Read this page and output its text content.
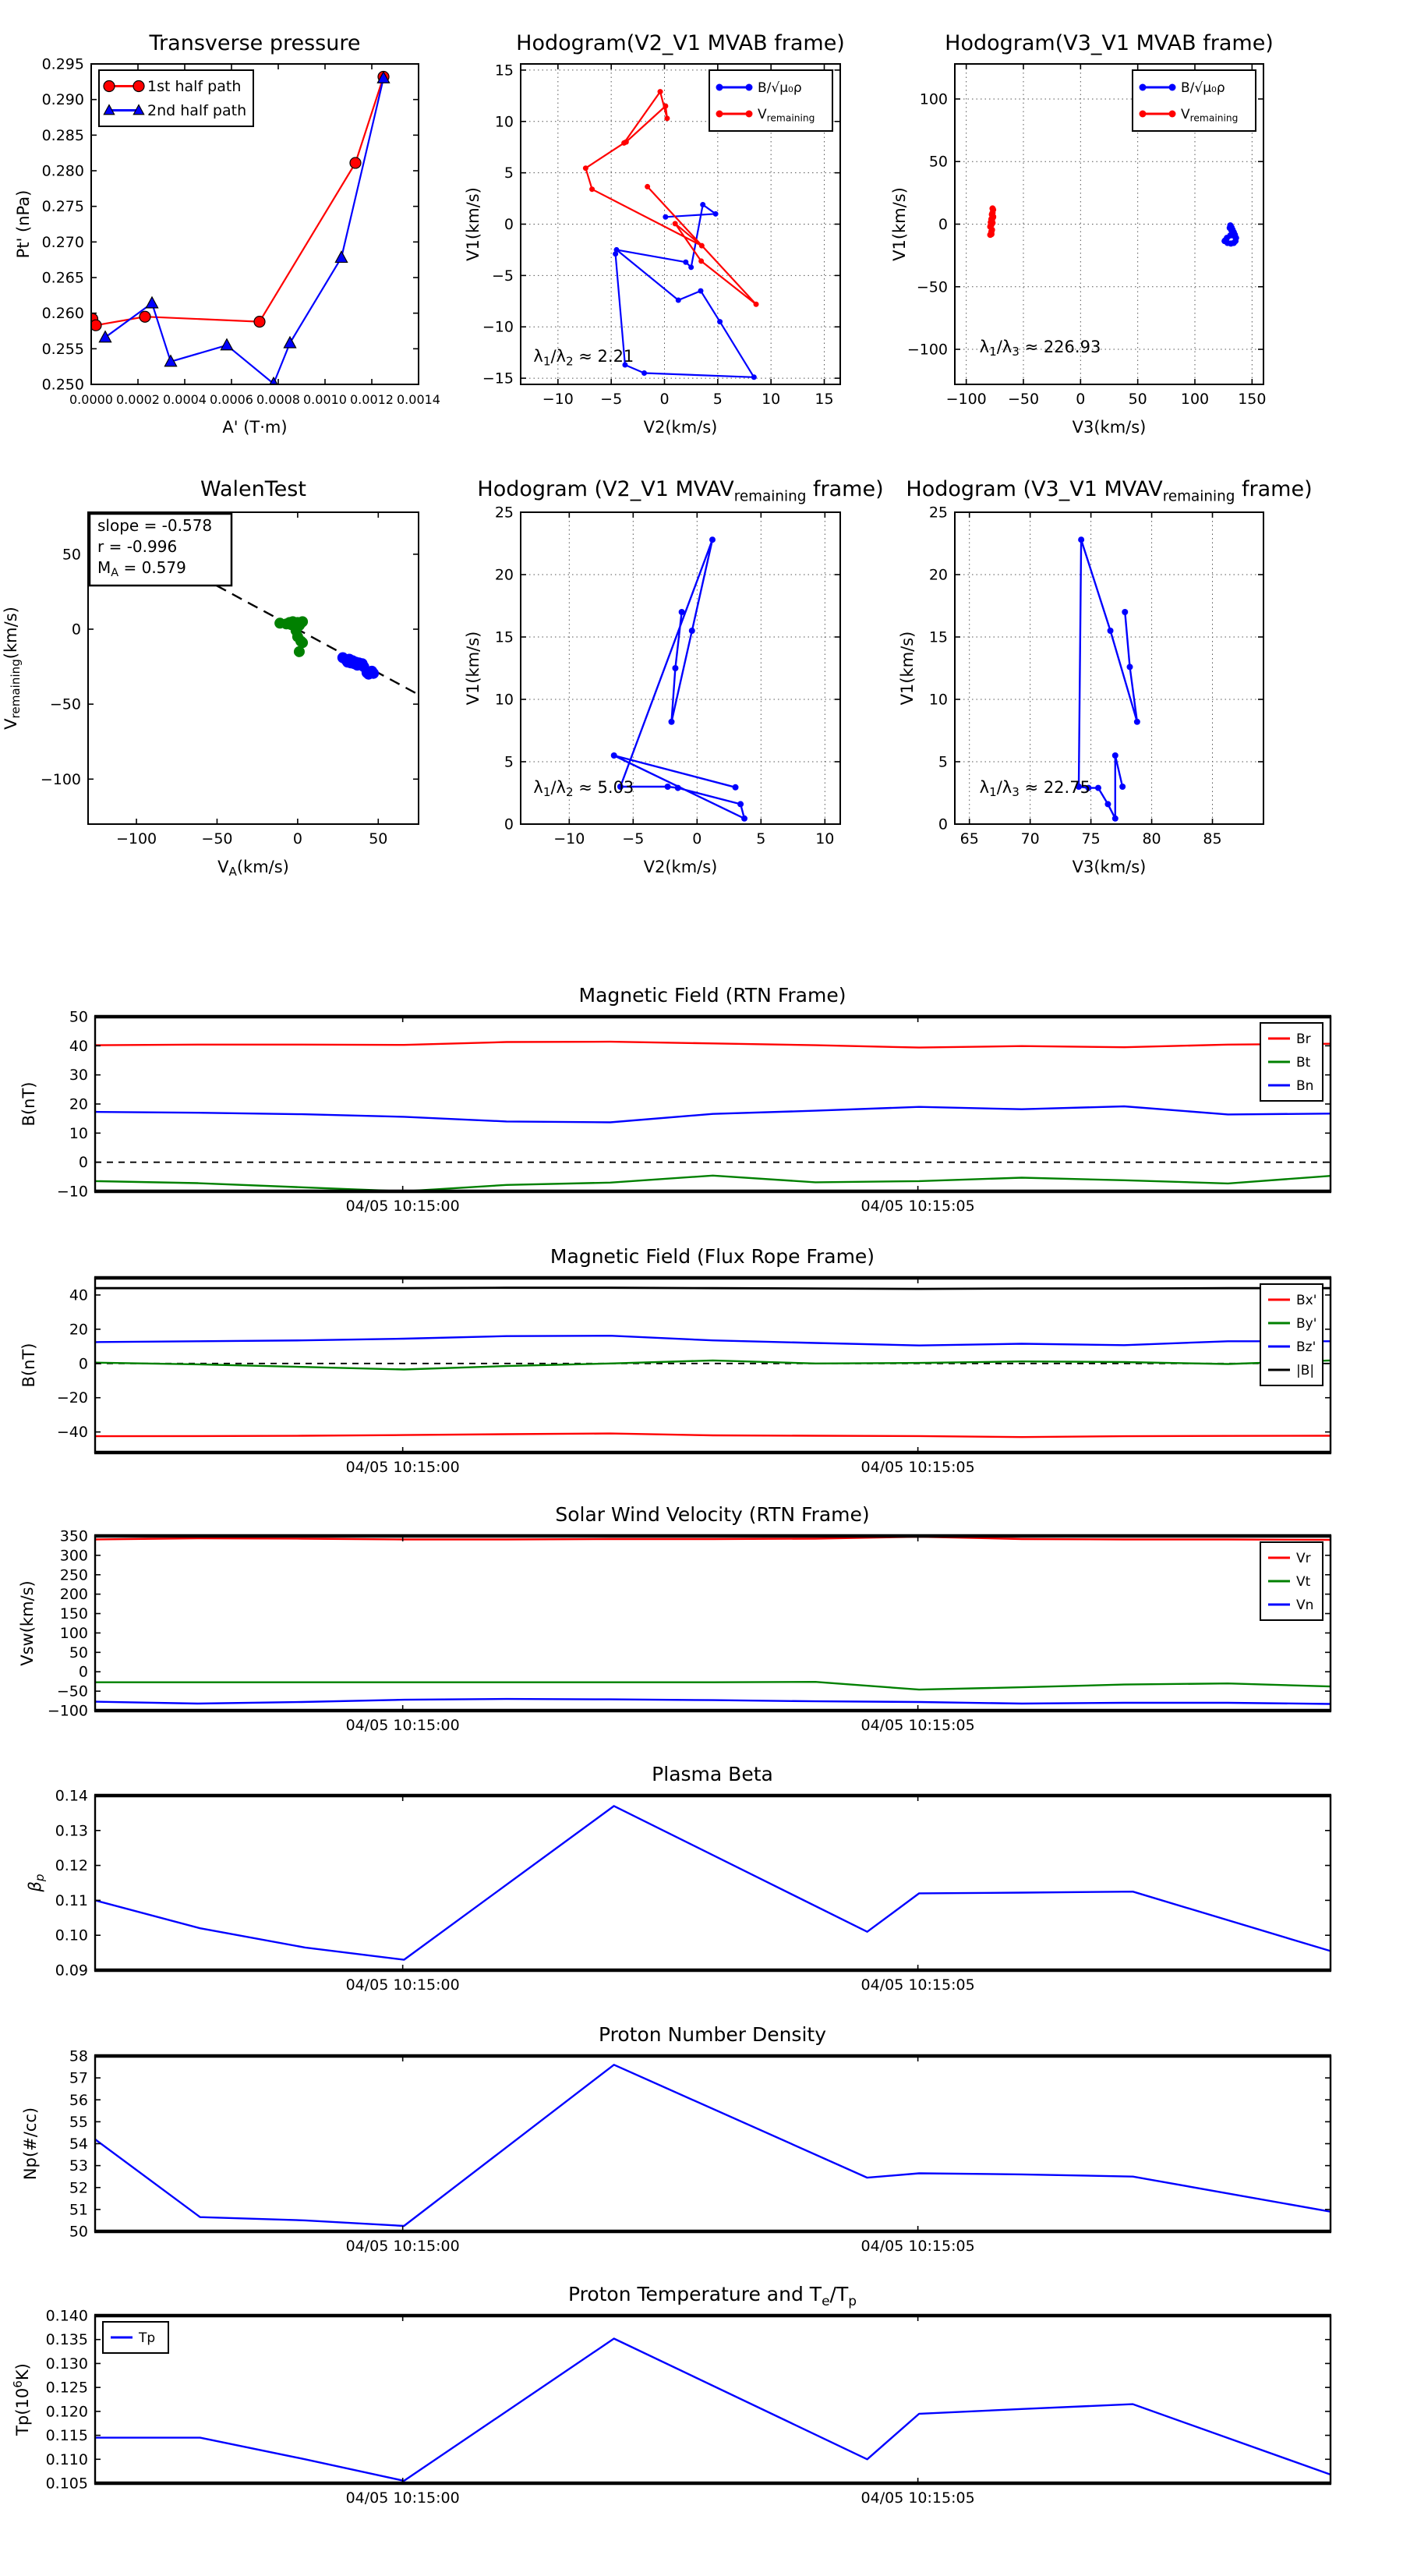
0.0000 0.0002 0.0004 0.0006 0.0008 0.0010 0.0012 0.0014
0.250
0.255
0.260
0.265
0.270
0.275
0.280
0.285
0.290
0.295
A' (T·m)
Pt' (nPa)
1st half path
2nd half path
−10 −5	0	5	10 15
−15
−10
−5
0
5
10
15
V2(km/s)
V1(km/s)
B/√μ₀ρ
$V_{remaining}$
$\lambda_1/\lambda_2 \approx 2.21$
−100 −50 0	50 100 150
−100
−50
0
50
100
V3(km/s)
V1(km/s)
B/√μ₀ρ
$V_{remaining}$
$\lambda_1/\lambda_3 \approx 226.93$
−100	−50	0	50
−100
−50
0
50
$V_A(km/s)$
$V_{remaining}(km/s)$
slope = -0.578
r = -0.996
$M_A = 0.579$
−10	−5	0	5	10
0
5
10
15
20
25
V2(km/s)
V1(km/s)
$\lambda_1/\lambda_2 \approx 5.03$
65	70	75	80	85
0
5
10
15
20
25
V3(km/s)
V1(km/s)
$\lambda_1/\lambda_3 \approx 22.75$
04/05 10:15:00	04/05 10:15:05
−10
0
10
20
30
40
50
B(nT)
Br
Bt
Bn
04/05 10:15:00	04/05 10:15:05
−40
−20
0
20
40
B(nT)
Bx'
By'
Bz'
|B|
04/05 10:15:00	04/05 10:15:05
−100
−50
0
50
100
150
200
250
300
350
Vsw(km/s)
Vr
Vt
Vn
04/05 10:15:00	04/05 10:15:05
0.09
0.10
0.11
0.12
0.13
0.14
$\beta_p$
04/05 10:15:00	04/05 10:15:05
50
51
52
53
54
55
56
57
58
Np(#/cc)
04/05 10:15:00	04/05 10:15:05
0.105
0.110
0.115
0.120
0.125
0.130
0.135
0.140
$Tp(10^6K)$
Tp
Transverse pressure	Hodogram(V2_V1 MVAB frame)	Hodogram(V3_V1 MVAB frame)
WalenTest	Hodogram (V2_V1 $MVAV_{remaining}$ frame) Hodogram (V3_V1 $MVAV_{remaining}$ frame)
Magnetic Field (RTN Frame)
Magnetic Field (Flux Rope Frame)
Solar Wind Velocity (RTN Frame)
Plasma Beta
Proton Number Density
Proton Temperature and $T_e/T_p$
